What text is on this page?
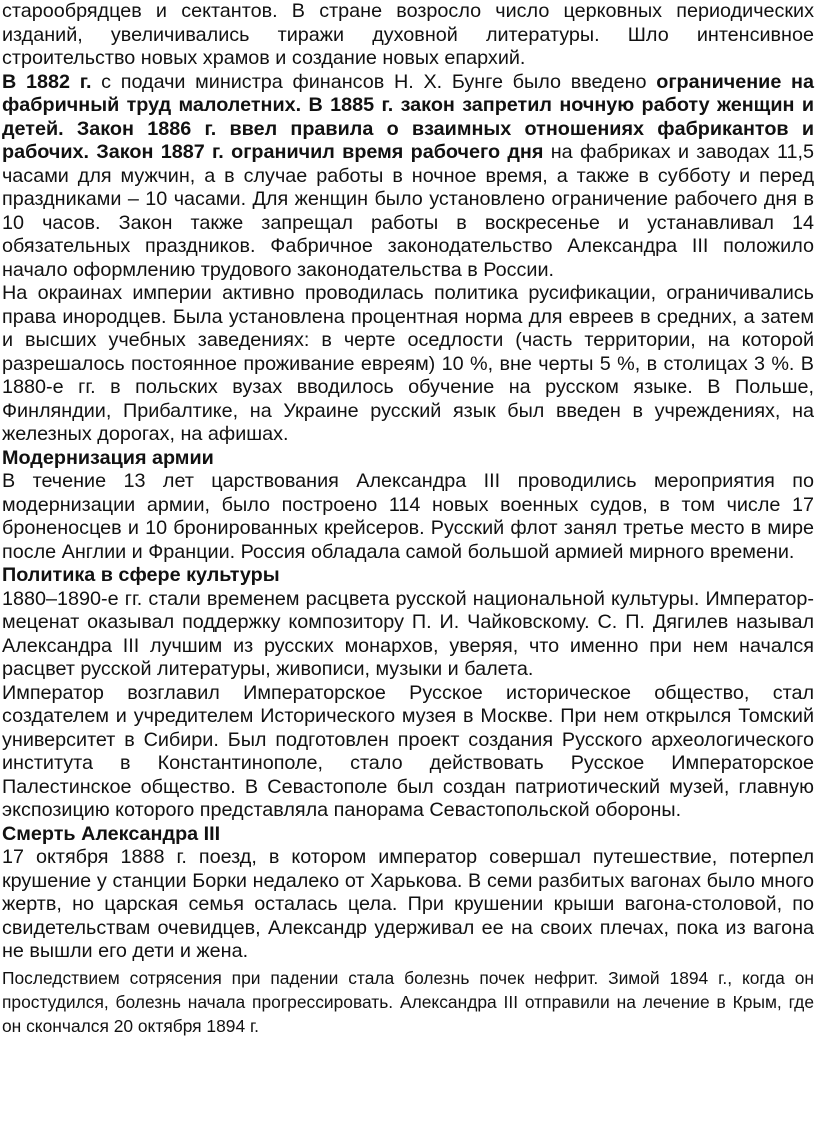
старообрядцев и сектантов. В стране возросло число церковных периодических изданий, увеличивались тиражи духовной литературы. Шло интенсивное строительство новых храмов и создание новых епархий.

В 1882 г. с подачи министра финансов Н. Х. Бунге было введено ограничение на фабричный труд малолетних. В 1885 г. закон запретил ночную работу женщин и детей. Закон 1886 г. ввел правила о взаимных отношениях фабрикантов и рабочих. Закон 1887 г. ограничил время рабочего дня на фабриках и заводах 11,5 часами для мужчин, а в случае работы в ночное время, а также в субботу и перед праздниками – 10 часами. Для женщин было установлено ограничение рабочего дня в 10 часов. Закон также запрещал работы в воскресенье и устанавливал 14 обязательных праздников. Фабричное законодательство Александра III положило начало оформлению трудового законодательства в России.

На окраинах империи активно проводилась политика русификации, ограничивались права инородцев. Была установлена процентная норма для евреев в средних, а затем и высших учебных заведениях: в черте оседлости (часть территории, на которой разрешалось постоянное проживание евреям) 10 %, вне черты 5 %, в столицах 3 %. В 1880-е гг. в польских вузах вводилось обучение на русском языке. В Польше, Финляндии, Прибалтике, на Украине русский язык был введен в учреждениях, на железных дорогах, на афишах.

Модернизация армии

В течение 13 лет царствования Александра III проводились мероприятия по модернизации армии, было построено 114 новых военных судов, в том числе 17 броненосцев и 10 бронированных крейсеров. Русский флот занял третье место в мире после Англии и Франции. Россия обладала самой большой армией мирного времени.

Политика в сфере культуры

1880–1890-е гг. стали временем расцвета русской национальной культуры. Император-меценат оказывал поддержку композитору П. И. Чайковскому. С. П. Дягилев называл Александра III лучшим из русских монархов, уверяя, что именно при нем начался расцвет русской литературы, живописи, музыки и балета.

Император возглавил Императорское Русское историческое общество, стал создателем и учредителем Исторического музея в Москве. При нем открылся Томский университет в Сибири. Был подготовлен проект создания Русского археологического института в Константинополе, стало действовать Русское Императорское Палестинское общество. В Севастополе был создан патриотический музей, главную экспозицию которого представляла панорама Севастопольской обороны.

Смерть Александра III

17 октября 1888 г. поезд, в котором император совершал путешествие, потерпел крушение у станции Борки недалеко от Харькова. В семи разбитых вагонах было много жертв, но царская семья осталась цела. При крушении крыши вагона-столовой, по свидетельствам очевидцев, Александр удерживал ее на своих плечах, пока из вагона не вышли его дети и жена.

Последствием сотрясения при падении стала болезнь почек нефрит. Зимой 1894 г., когда он простудился, болезнь начала прогрессировать. Александра III отправили на лечение в Крым, где он скончался 20 октября 1894 г.
